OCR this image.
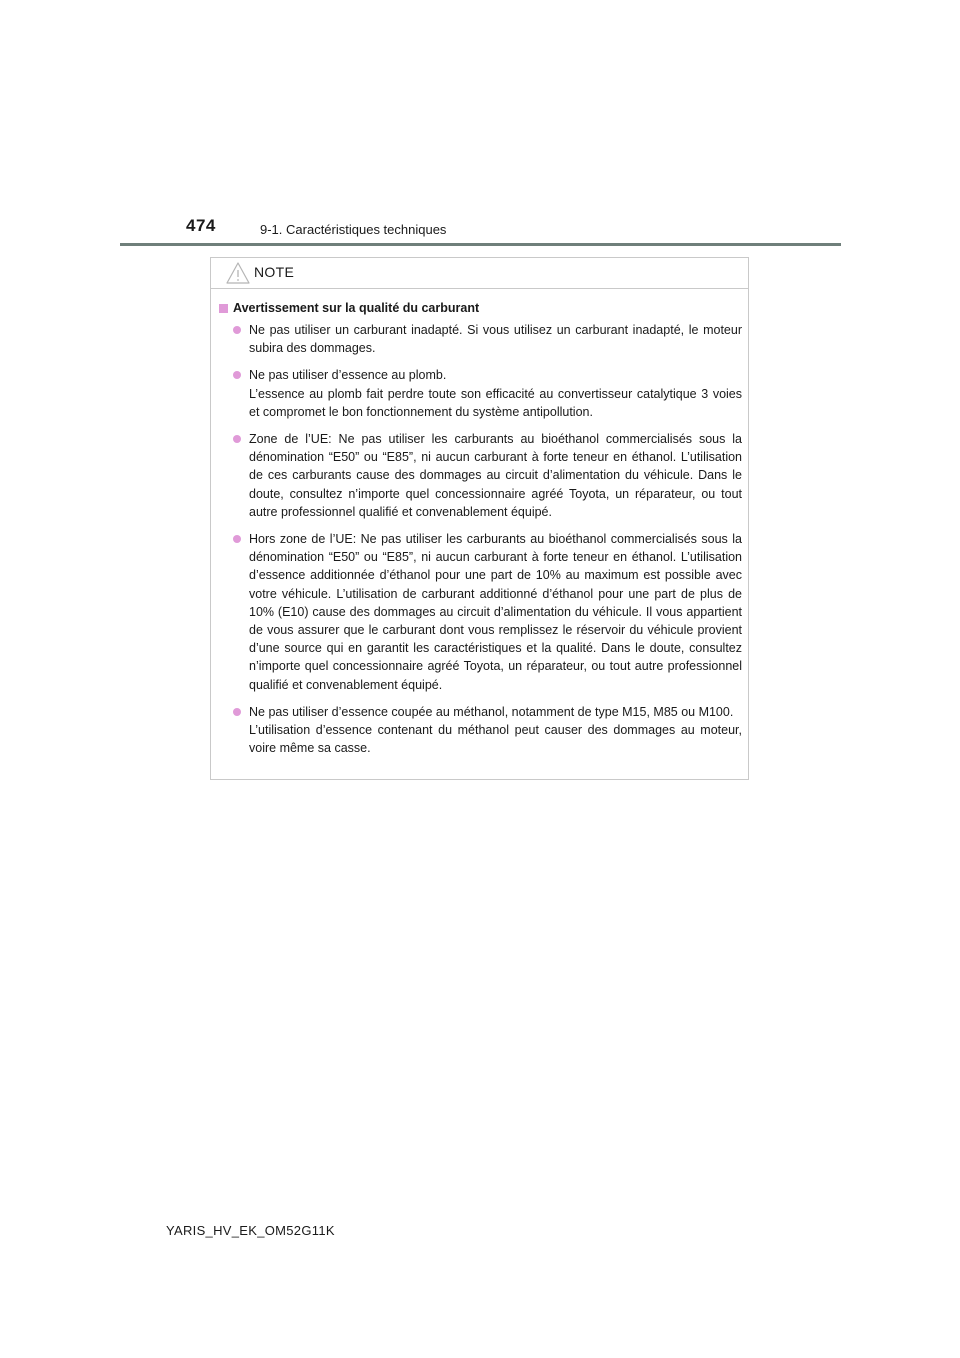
474	9-1. Caractéristiques techniques
NOTE
Avertissement sur la qualité du carburant
Ne pas utiliser un carburant inadapté. Si vous utilisez un carburant inadapté, le moteur subira des dommages.
Ne pas utiliser d’essence au plomb.
L’essence au plomb fait perdre toute son efficacité au convertisseur catalytique 3 voies et compromet le bon fonctionnement du système antipollution.
Zone de l’UE: Ne pas utiliser les carburants au bioéthanol commercialisés sous la dénomination “E50” ou “E85”, ni aucun carburant à forte teneur en éthanol. L’utilisation de ces carburants cause des dommages au circuit d’alimentation du véhicule. Dans le doute, consultez n’importe quel concessionnaire agréé Toyota, un réparateur, ou tout autre professionnel qualifié et convenablement équipé.
Hors zone de l’UE: Ne pas utiliser les carburants au bioéthanol commercialisés sous la dénomination “E50” ou “E85”, ni aucun carburant à forte teneur en éthanol. L’utilisation d’essence additionnée d’éthanol pour une part de 10% au maximum est possible avec votre véhicule. L’utilisation de carburant additionné d’éthanol pour une part de plus de 10% (E10) cause des dommages au circuit d’alimentation du véhicule. Il vous appartient de vous assurer que le carburant dont vous remplissez le réservoir du véhicule provient d’une source qui en garantit les caractéristiques et la qualité. Dans le doute, consultez n’importe quel concessionnaire agréé Toyota, un réparateur, ou tout autre professionnel qualifié et convenablement équipé.
Ne pas utiliser d’essence coupée au méthanol, notamment de type M15, M85 ou M100.
L’utilisation d’essence contenant du méthanol peut causer des dommages au moteur, voire même sa casse.
YARIS_HV_EK_OM52G11K
